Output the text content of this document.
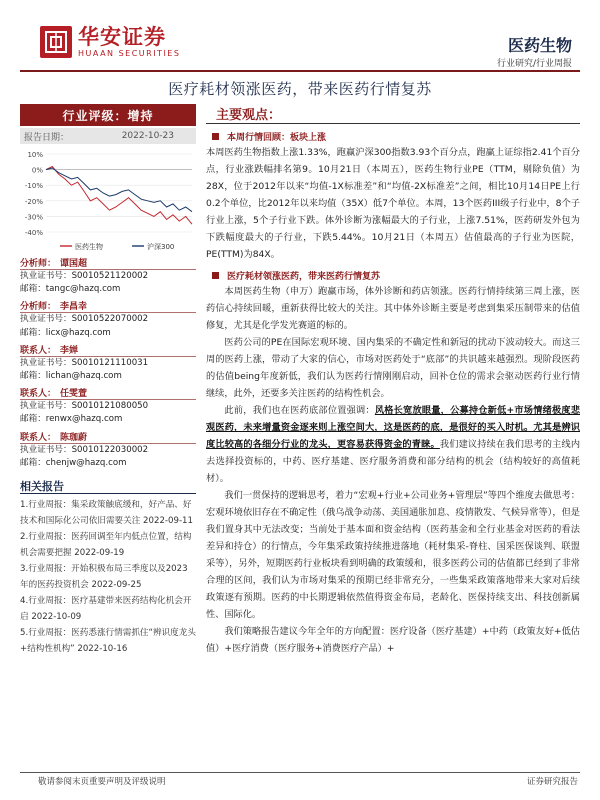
华安证券
HUAAN SECURITIES	医药生物
行业研究/行业周报
医疗耗材领涨医药，带来医药行情复苏
行业评级：增持
报告日期：	2022-10-23
10%
0%
-10%
-20%
-30%
-40%
医药生物	沪深300
分析师： 谭国超
执业证书号：S0010521120002
邮箱：tangc@hazq.com
分析师： 李昌幸
执业证书号：S0010522070002
邮箱：licx@hazq.com
联系人： 李婵
执业证书号：S0010121110031
邮箱：lichan@hazq.com
联系人： 任雯萱
执业证书号：S0010121080050
邮箱：renwx@hazq.com
联系人： 陈珈蔚
执业证书号：S0010122030002
邮箱：chenjw@hazq.com
相关报告
1.行业周报：集采政策触底缓和，好产品、好技术和国际化公司依旧需要关注 2022-09-11
2.行业周报：医药回调至年内低点位置，结构机会需要把握 2022-09-19
3.行业周报：开始积极布局三季度以及2023年的医药投资机会 2022-09-25
4.行业周报：医疗基建带来医药结构化机会开启 2022-10-09
5.行业周报：医药悉涨行情需抓住“辨识度龙头+结构性机构” 2022-10-16
主要观点：
本周行情回顾：板块上涨

本周医药生物指数上涨1.33%，跑赢沪深300指数3.93个百分点，跑赢上证综指2.41个百分点，行业涨跌幅排名第9。10月21日（本周五），医药生物行业PE（TTM，剔除负值）为28X，位于2012年以来“均值-1X标准差”和“均值-2X标准差”之间，相比10月14日PE上行0.2个单位，比2012年以来均值（35X）低7个单位。本周，13个医药III级子行业中，8个子行业上涨，5个子行业下跌。体外诊断为涨幅最大的子行业，上涨7.51%，医药研发外包为下跌幅度最大的子行业，下跌5.44%。10月21日（本周五）估值最高的子行业为医院，PE(TTM)为84X。

医疗耗材领涨医药，带来医药行情复苏

本周医药生物（申万）跑赢市场，体外诊断和药店领涨。医药行情持续第三周上涨，医药信心持续回暖，重新获得比较大的关注。其中体外诊断主要是考虑到集采压制带来的估值修复，尤其是化学发光赛道的标的。

医药公司的PE在国际宏观环境、国内集采的不确定性和新冠的扰动下波动较大。而这三周的医药上涨，带动了大家的信心，市场对医药处于“底部”的共识越来越强烈。现阶段医药的估值being年度新低，我们认为医药行情刚刚启动，回补仓位的需求会驱动医药行业行情继续，此外，还要多关注医药的结构性机会。

此前，我们也在医药底部位置强调：风格长宽放眼量，公募持仓新低+市场情绪极度悲观医药，未来增量资金逐来则上涨空间大，这是医药的底，是很好的买入时机。尤其是辨识度比较高的各细分行业的龙头，更容易获得资金的青睐。我们建议持续在我们思考的主线内去选择投资标的，中药、医疗基建、医疗服务消费和部分结构的机会（结构较好的高值耗材）。

我们一贯保持的逻辑思考，着力“宏观+行业+公司业务+管理层”等四个维度去做思考：宏观环境依旧存在不确定性（俄乌战争动荡、美国通胀加息、疫情散发、气候异常等），但是我们置身其中无法改变；当前处于基本面和资金结构（医药基金和全行业基金对医药的看法差异和持仓）的行情点，今年集采政策持续推进落地（耗材集采-脊柱、国采医保谈判、联盟采等），另外，短期医药行业板块看到明确的政策缓和，很多医药公司的估值都已经到了非常合理的区间，我们认为市场对集采的预期已经非常充分，一些集采政策落地带来大家对后续政策逐有预期。医药的中长期逻辑依然值得资金布局，老龄化、医保持续支出、科技创新属性、国际化。

我们策略报告建议今年全年的方向配置：医疗设备（医疗基建）+中药（政策友好+低估值）+医疗消费（医疗服务+消费医疗产品）+

敬请参阅末页重要声明及评级说明	证券研究报告
